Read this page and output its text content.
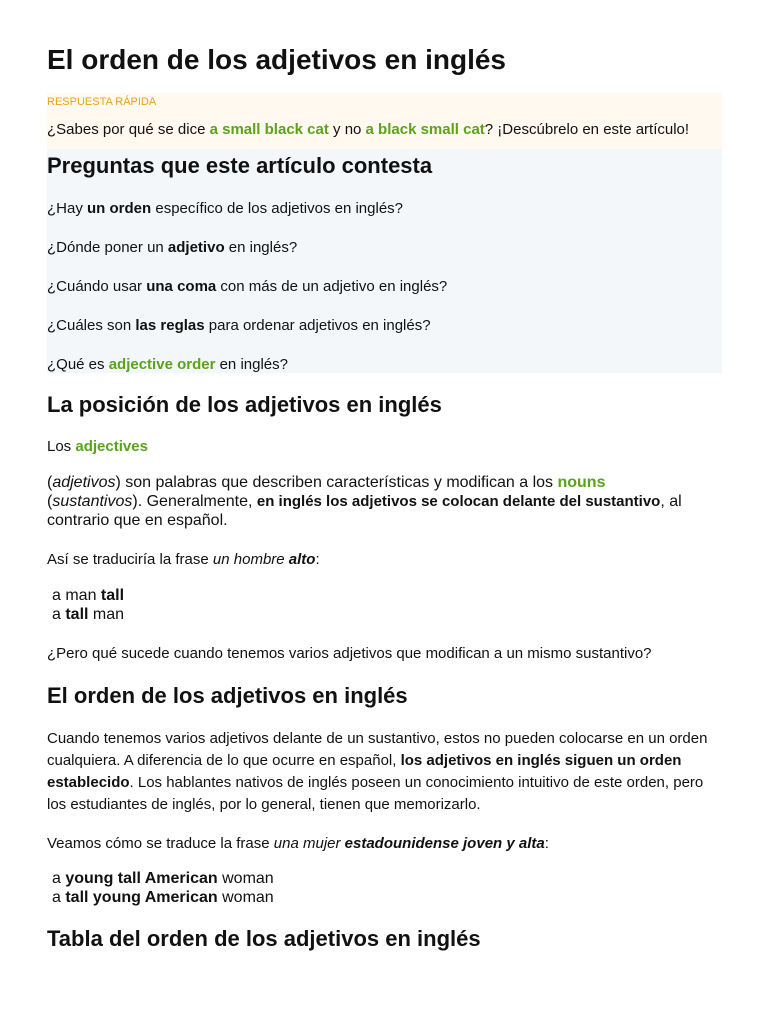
El orden de los adjetivos en inglés
RESPUESTA RÁPIDA
¿Sabes por qué se dice a small black cat y no a black small cat? ¡Descúbrelo en este artículo!
Preguntas que este artículo contesta
¿Hay un orden específico de los adjetivos en inglés?
¿Dónde poner un adjetivo en inglés?
¿Cuándo usar una coma con más de un adjetivo en inglés?
¿Cuáles son las reglas para ordenar adjetivos en inglés?
¿Qué es adjective order en inglés?
La posición de los adjetivos en inglés
Los adjectives
(adjetivos) son palabras que describen características y modifican a los nouns
(sustantivos). Generalmente, en inglés los adjetivos se colocan delante del sustantivo, al contrario que en español.
Así se traduciría la frase un hombre alto:
a man tall
a tall man
¿Pero qué sucede cuando tenemos varios adjetivos que modifican a un mismo sustantivo?
El orden de los adjetivos en inglés
Cuando tenemos varios adjetivos delante de un sustantivo, estos no pueden colocarse en un orden cualquiera. A diferencia de lo que ocurre en español, los adjetivos en inglés siguen un orden establecido. Los hablantes nativos de inglés poseen un conocimiento intuitivo de este orden, pero los estudiantes de inglés, por lo general, tienen que memorizarlo.
Veamos cómo se traduce la frase una mujer estadounidense joven y alta:
a young tall American woman
a tall young American woman
Tabla del orden de los adjetivos en inglés
